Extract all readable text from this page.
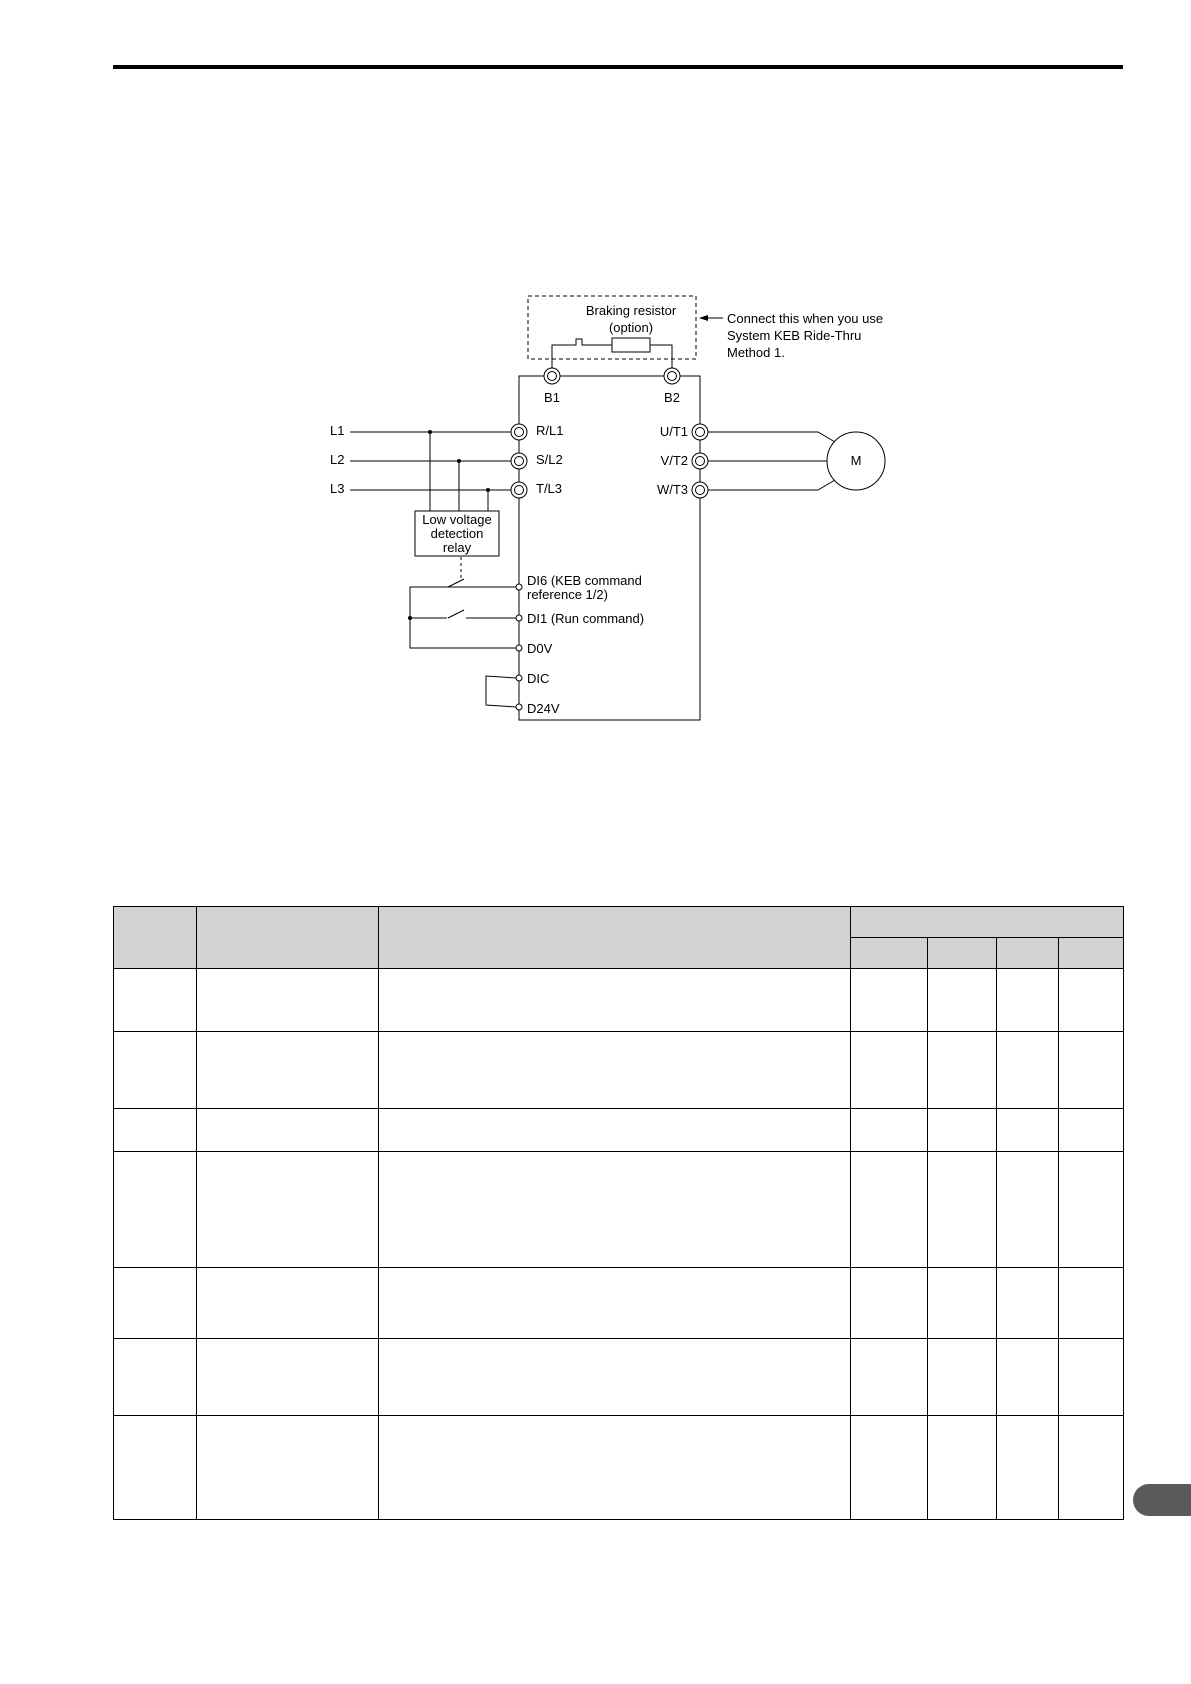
Braking resistor
(option)
Connect this when you use
System KEB Ride-Thru
Method 1.
B1	B2
L1
L2
L3
Low voltage
detection
relay
R/L1
S/L2
T/L3
U/T1
V/T2
W/T3
M
DI6 (KEB command
reference 1/2)
DI1 (Run command)
D0V
DIC
D24V
